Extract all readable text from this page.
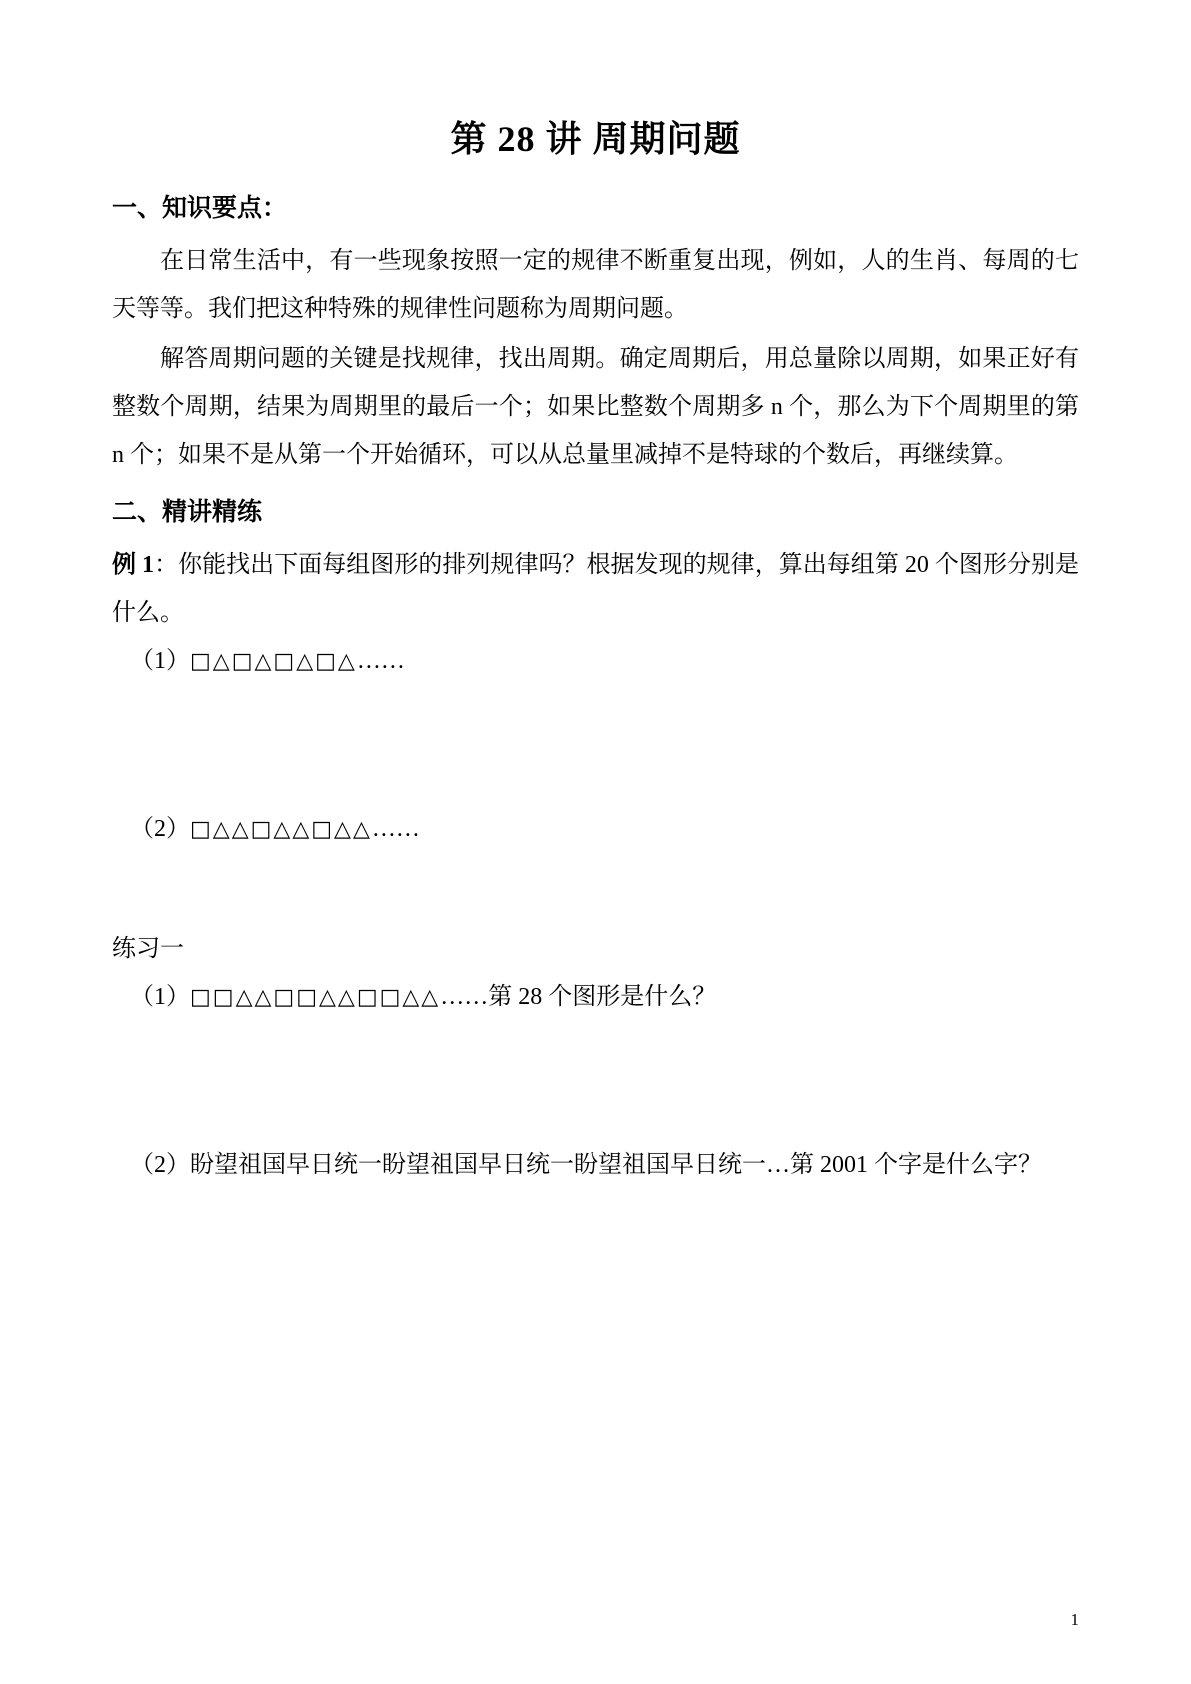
第 28 讲 周期问题
一、知识要点：

在日常生活中，有一些现象按照一定的规律不断重复出现，例如，人的生肖、每周的七天等等。我们把这种特殊的规律性问题称为周期问题。

解答周期问题的关键是找规律，找出周期。确定周期后，用总量除以周期，如果正好有整数个周期，结果为周期里的最后一个；如果比整数个周期多 n 个，那么为下个周期里的第 n 个；如果不是从第一个开始循环，可以从总量里减掉不是特球的个数后，再继续算。

二、精讲精练

例 1：你能找出下面每组图形的排列规律吗？根据发现的规律，算出每组第 20 个图形分别是什么。

（1）□△□△□△□△……

（2）□△△□△△□△△……

练习一

（1）□□△△□□△△□□△△……第 28 个图形是什么？

（2）盼望祖国早日统一盼望祖国早日统一盼望祖国早日统一…第 2001 个字是什么字？

1
